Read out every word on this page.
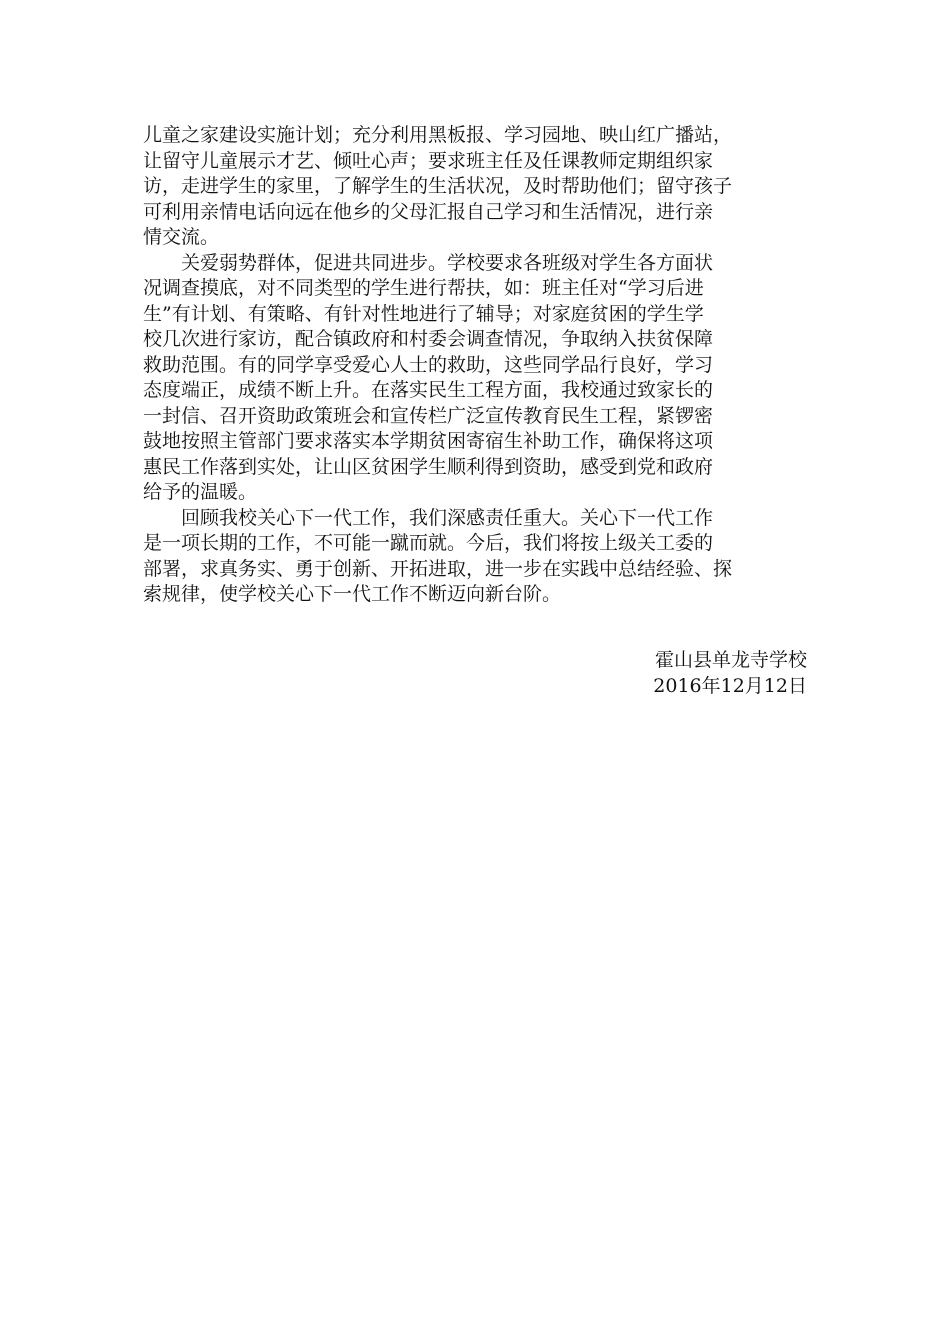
儿童之家建设实施计划；充分利用黑板报、学习园地、映山红广播站，
让留守儿童展示才艺、倾吐心声；要求班主任及任课教师定期组织家
访，走进学生的家里，了解学生的生活状况，及时帮助他们；留守孩子
可利用亲情电话向远在他乡的父母汇报自己学习和生活情况，进行亲
情交流。
关爱弱势群体，促进共同进步。学校要求各班级对学生各方面状
况调查摸底，对不同类型的学生进行帮扶，如：班主任对“学习后进
生”有计划、有策略、有针对性地进行了辅导；对家庭贫困的学生学
校几次进行家访，配合镇政府和村委会调查情况，争取纳入扶贫保障
救助范围。有的同学享受爱心人士的救助，这些同学品行良好，学习
态度端正，成绩不断上升。在落实民生工程方面，我校通过致家长的
一封信、召开资助政策班会和宣传栏广泛宣传教育民生工程，紧锣密
鼓地按照主管部门要求落实本学期贫困寄宿生补助工作，确保将这项
惠民工作落到实处，让山区贫困学生顺利得到资助，感受到党和政府
给予的温暖。
回顾我校关心下一代工作，我们深感责任重大。关心下一代工作
是一项长期的工作，不可能一蹴而就。今后，我们将按上级关工委的
部署，求真务实、勇于创新、开拓进取，进一步在实践中总结经验、探
索规律，使学校关心下一代工作不断迈向新台阶。
霍山县单龙寺学校
2016年12月12日
